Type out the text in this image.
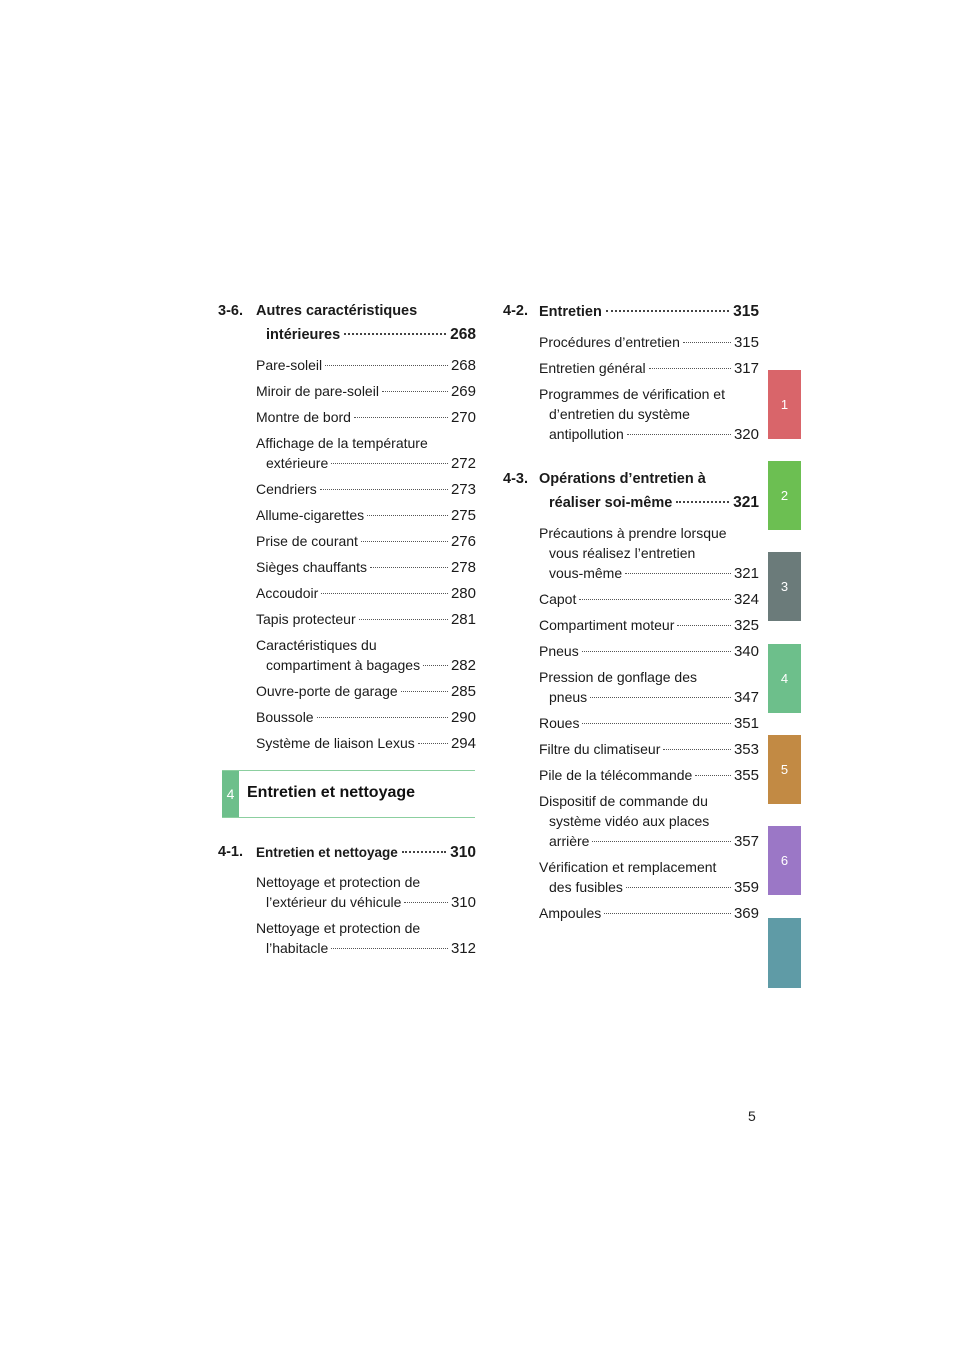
3-6. Autres caractéristiques
intérieures	268
Pare-soleil	268
Miroir de pare-soleil	269
Montre de bord	270
Affichage de la température
extérieure	272
Cendriers	273
Allume-cigarettes	275
Prise de courant	276
Sièges chauffants	278
Accoudoir	280
Tapis protecteur	281
Caractéristiques du
compartiment à bagages 282
Ouvre-porte de garage	285
Boussole	290
Système de liaison Lexus 294
4 Entretien et nettoyage
4-1. Entretien et nettoyage	310
Nettoyage et protection de
l’extérieur du véhicule	310
Nettoyage et protection de
l’habitacle	312
4-2. Entretien	315
Procédures d’entretien	315
Entretien général	317
Programmes de vérification et
d’entretien du système
antipollution	320
4-3. Opérations d’entretien à
réaliser soi-même	321
Précautions à prendre lorsque
vous réalisez l’entretien
vous-même	321
Capot	324
Compartiment moteur	325
Pneus	340
Pression de gonflage des
pneus	347
Roues	351
Filtre du climatiseur	353
Pile de la télécommande	355
Dispositif de commande du
système vidéo aux places
arrière	357
Vérification et remplacement
des fusibles	359
Ampoules	369
1
2
3
4
5
6
5
